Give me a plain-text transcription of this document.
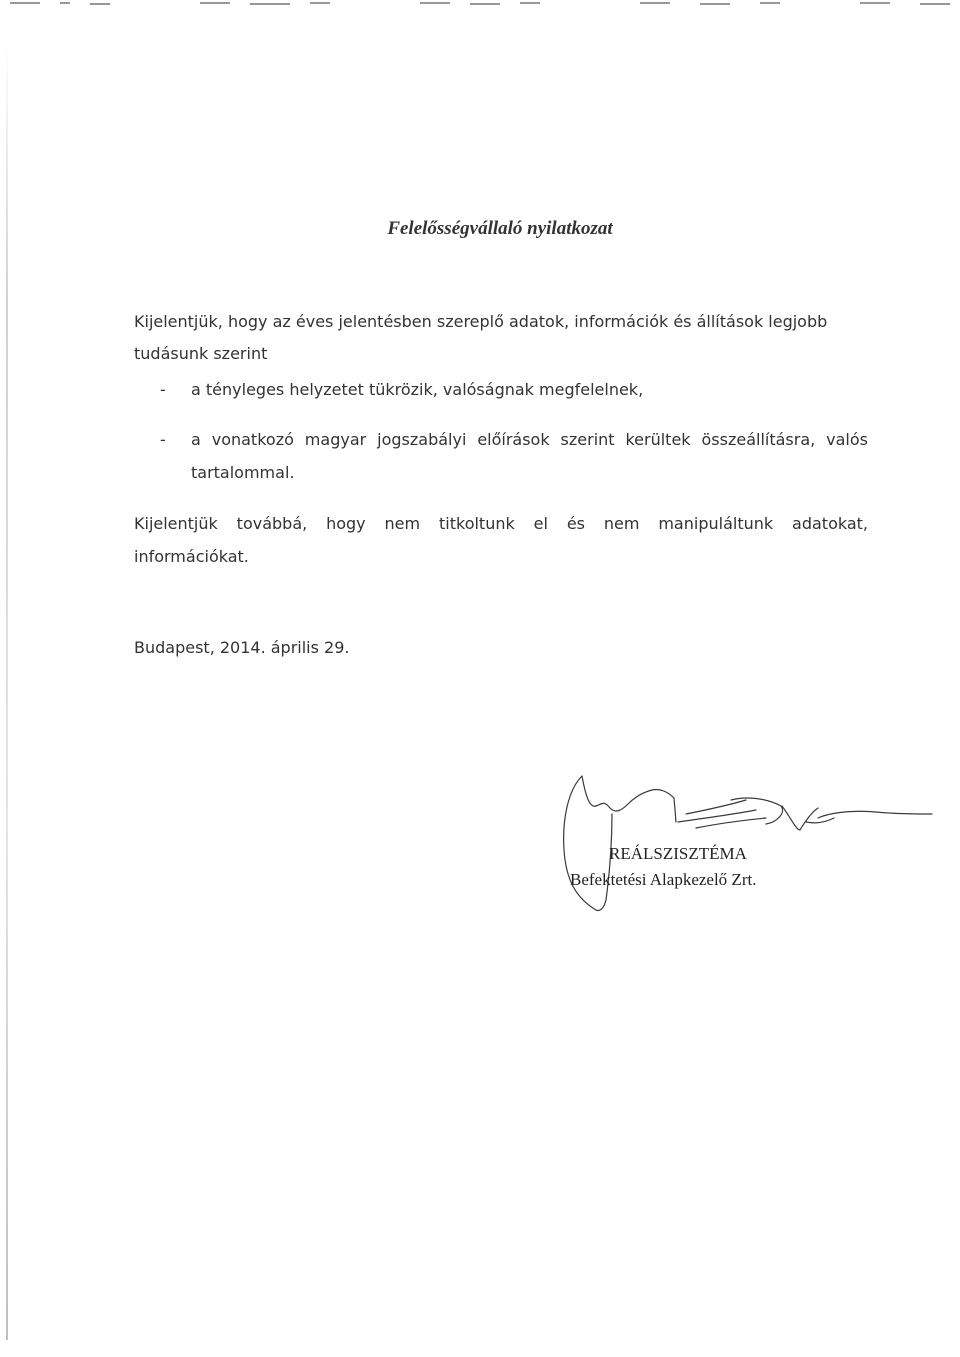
Felelősségvállaló nyilatkozat
Kijelentjük, hogy az éves jelentésben szereplő adatok, információk és állítások legjobb
tudásunk szerint
- a tényleges helyzetet tükrözik, valóságnak megfelelnek,
- a vonatkozó magyar jogszabályi előírások szerint kerültek összeállításra, valós
tartalommal.
Kijelentjük továbbá, hogy nem titkoltunk el és nem manipuláltunk adatokat,
információkat.
Budapest, 2014. április 29.
REÁLSZISZTÉMA
Befektetési Alapkezelő Zrt.
